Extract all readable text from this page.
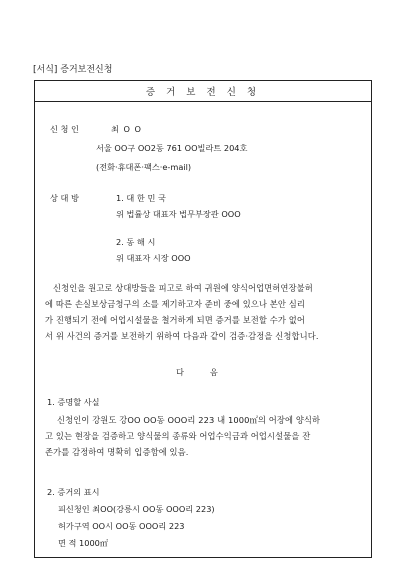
[서식] 증거보전신청
증 거 보 전 신 청
신 청 인	최 O O
서울 OO구 OO2동 761 OO빌라트 204호
(전화·휴대폰·팩스·e-mail)
상 대 방	1. 대 한 민 국
위 법률상 대표자 법무부장관 OOO
2. 동 해 시
위 대표자 시장 OOO
신청인을 원고로 상대방들을 피고로 하여 귀원에 양식어업면허연장불허
에 따른 손실보상금청구의 소를 제기하고자 준비 중에 있으나 본안 심리
가 진행되기 전에 어업시설물을 철거하게 되면 증거를 보전할 수가 없어
서 위 사건의 증거를 보전하기 위하여 다음과 같이 검증·감정을 신청합니다.
다          음
1. 증명할 사실
신청인이 강원도 강OO OO동 OOO리 223 내 1000㎡의 어장에 양식하
고 있는 현장을 검증하고 양식물의 종류와 어업수익금과 어업시설물을 잔
존가를 감정하여 명확히 입증함에 있음.
2. 증거의 표시
피신청인 최OO(강릉시 OO동 OOO리 223)
허가구역 OO시 OO동 OOO리 223
면 적 1000㎡
